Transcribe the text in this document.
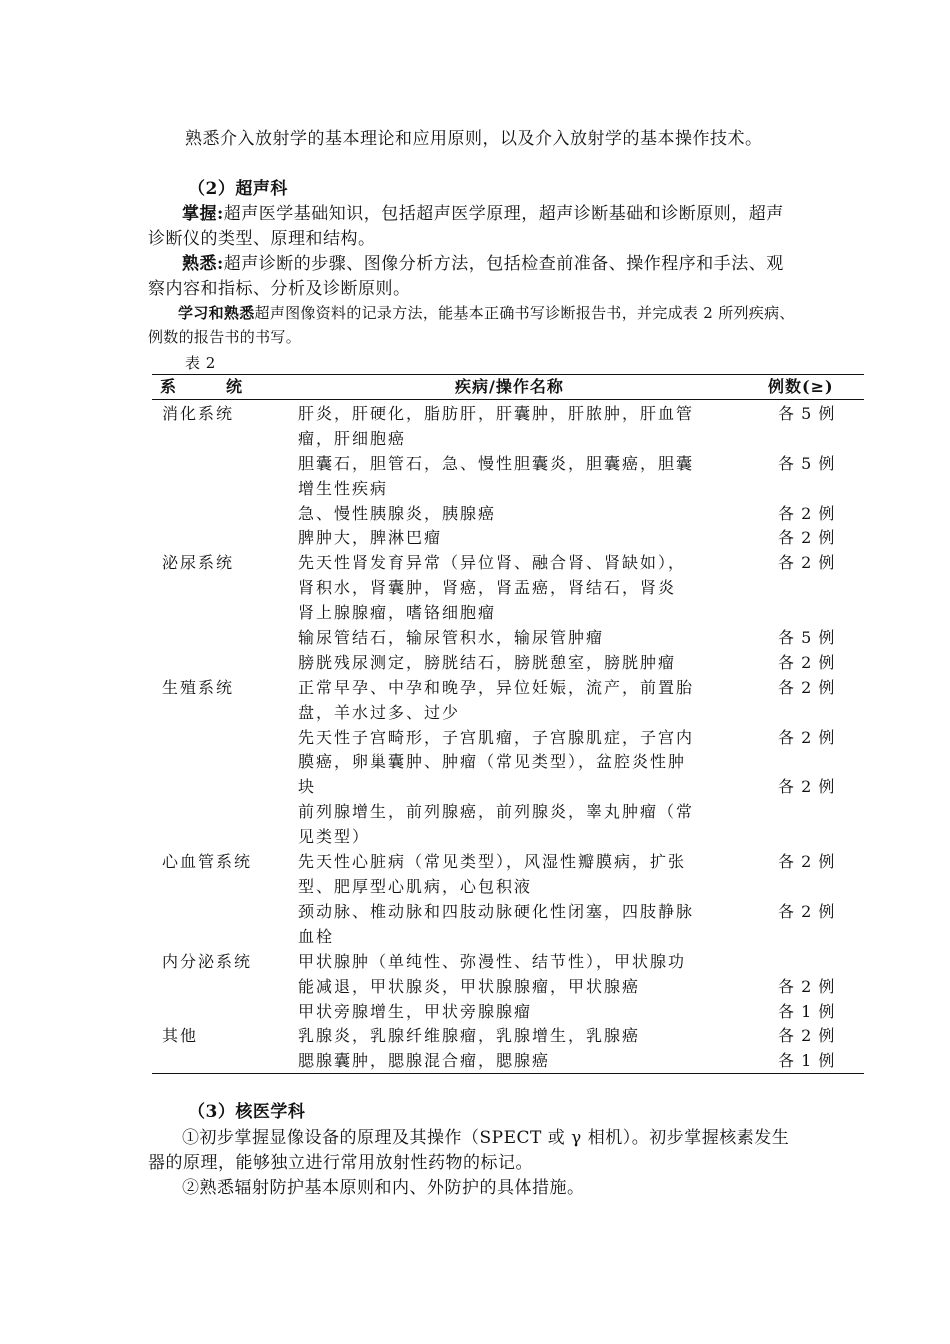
熟悉介入放射学的基本理论和应用原则，以及介入放射学的基本操作技术。
（2）超声科
掌握:超声医学基础知识，包括超声医学原理，超声诊断基础和诊断原则，超声
诊断仪的类型、原理和结构。
熟悉:超声诊断的步骤、图像分析方法，包括检查前准备、操作程序和手法、观
察内容和指标、分析及诊断原则。
学习和熟悉超声图像资料的记录方法，能基本正确书写诊断报告书，并完成表 2 所列疾病、
例数的报告书的书写。
表 2
系　　统	疾病/操作名称	例数(≥)
消化系统
泌尿系统
生殖系统
心血管系统
内分泌系统
其他
肝炎，肝硬化，脂肪肝，肝囊肿，肝脓肿，肝血管
瘤，肝细胞癌
胆囊石，胆管石，急、慢性胆囊炎，胆囊癌，胆囊
增生性疾病
急、慢性胰腺炎，胰腺癌
脾肿大，脾淋巴瘤
先天性肾发育异常（异位肾、融合肾、肾缺如），
肾积水，肾囊肿，肾癌，肾盂癌，肾结石，肾炎
肾上腺腺瘤，嗜铬细胞瘤
输尿管结石，输尿管积水，输尿管肿瘤
膀胱残尿测定，膀胱结石，膀胱憩室，膀胱肿瘤
正常早孕、中孕和晚孕，异位妊娠，流产，前置胎
盘，羊水过多、过少
先天性子宫畸形，子宫肌瘤，子宫腺肌症，子宫内
膜癌，卵巢囊肿、肿瘤（常见类型），盆腔炎性肿
块
前列腺增生，前列腺癌，前列腺炎，睾丸肿瘤（常
见类型）
先天性心脏病（常见类型），风湿性瓣膜病，扩张
型、肥厚型心肌病，心包积液
颈动脉、椎动脉和四肢动脉硬化性闭塞，四肢静脉
血栓
甲状腺肿（单纯性、弥漫性、结节性），甲状腺功
能减退，甲状腺炎，甲状腺腺瘤，甲状腺癌
甲状旁腺增生，甲状旁腺腺瘤
乳腺炎，乳腺纤维腺瘤，乳腺增生，乳腺癌
腮腺囊肿，腮腺混合瘤，腮腺癌
各 5 例
各 5 例
各 2 例
各 2 例
各 2 例
各 5 例
各 2 例
各 2 例
各 2 例
各 2 例
各 2 例
各 2 例
各 2 例
各 1 例
各 2 例
各 1 例
（3）核医学科
①初步掌握显像设备的原理及其操作（SPECT 或 γ 相机）。初步掌握核素发生
器的原理，能够独立进行常用放射性药物的标记。
②熟悉辐射防护基本原则和内、外防护的具体措施。
